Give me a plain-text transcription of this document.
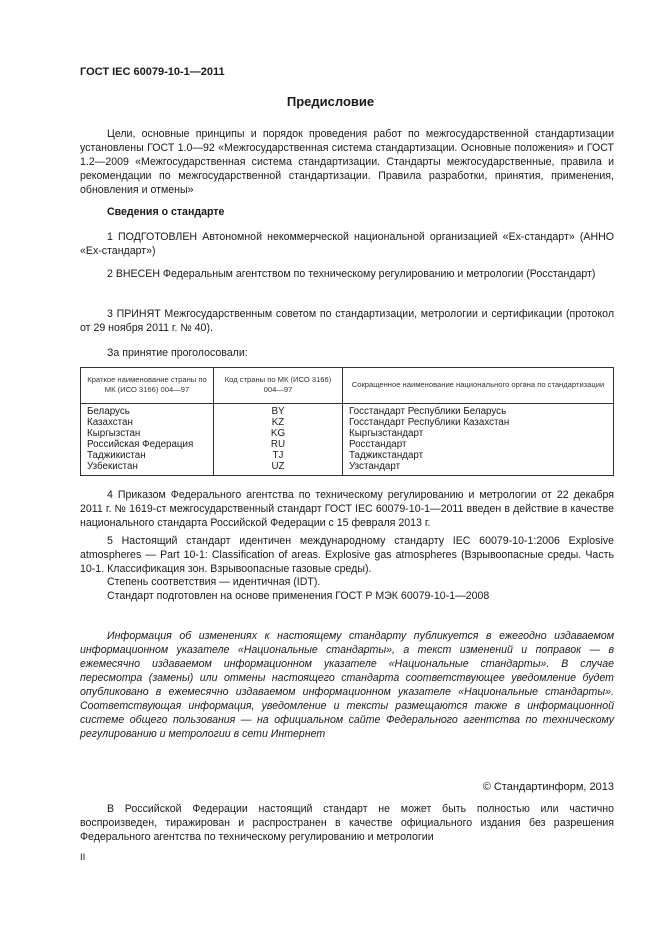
ГОСТ IEC 60079-10-1—2011
Предисловие
Цели, основные принципы и порядок проведения работ по межгосударственной стандартизации установлены ГОСТ 1.0—92 «Межгосударственная система стандартизации. Основные положения» и ГОСТ 1.2—2009 «Межгосударственная система стандартизации. Стандарты межгосударственные, правила и рекомендации по межгосударственной стандартизации. Правила разработки, принятия, применения, обновления и отмены»
Сведения о стандарте
1 ПОДГОТОВЛЕН Автономной некоммерческой национальной организацией «Ех-стандарт» (АННО «Ех-стандарт»)
2 ВНЕСЕН Федеральным агентством по техническому регулированию и метрологии (Росстандарт)
3 ПРИНЯТ Межгосударственным советом по стандартизации, метрологии и сертификации (протокол от 29 ноября 2011 г. № 40).
За принятие проголосовали:
Краткое наименование страны по МК (ИСО 3166) 004—97	Код страны по МК (ИСО 3166) 004—97	Сокращенное наименование национального органа по стандартизации

Беларусь	BY	Госстандарт Республики Беларусь
Казахстан	KZ	Госстандарт Республики Казахстан
Кыргызстан	KG	Кыргызстандарт
Российская Федерация	RU	Росстандарт
Таджикистан	TJ	Таджикстандарт
Узбекистан	UZ	Узстандарт
4 Приказом Федерального агентства по техническому регулированию и метрологии от 22 декабря 2011 г. № 1619-ст межгосударственный стандарт ГОСТ IEC 60079-10-1—2011 введен в действие в качестве национального стандарта Российской Федерации с 15 февраля 2013 г.
5 Настоящий стандарт идентичен международному стандарту IEC 60079-10-1:2006 Explosive atmospheres — Part 10-1: Classification of areas. Explosive gas atmospheres (Взрывоопасные среды. Часть 10-1. Классификация зон. Взрывоопасные газовые среды).
Степень соответствия — идентичная (IDT).
Стандарт подготовлен на основе применения ГОСТ Р МЭК 60079-10-1—2008
Информация об изменениях к настоящему стандарту публикуется в ежегодно издаваемом информационном указателе «Национальные стандарты», а текст изменений и поправок — в ежемесячно издаваемом информационном указателе «Национальные стандарты». В случае пересмотра (замены) или отмены настоящего стандарта соответствующее уведомление будет опубликовано в ежемесячно издаваемом информационном указателе «Национальные стандарты». Соответствующая информация, уведомление и тексты размещаются также в информационной системе общего пользования — на официальном сайте Федерального агентства по техническому регулированию и метрологии в сети Интернет
© Стандартинформ, 2013
В Российской Федерации настоящий стандарт не может быть полностью или частично воспроизведен, тиражирован и распространен в качестве официального издания без разрешения Федерального агентства по техническому регулированию и метрологии
II
